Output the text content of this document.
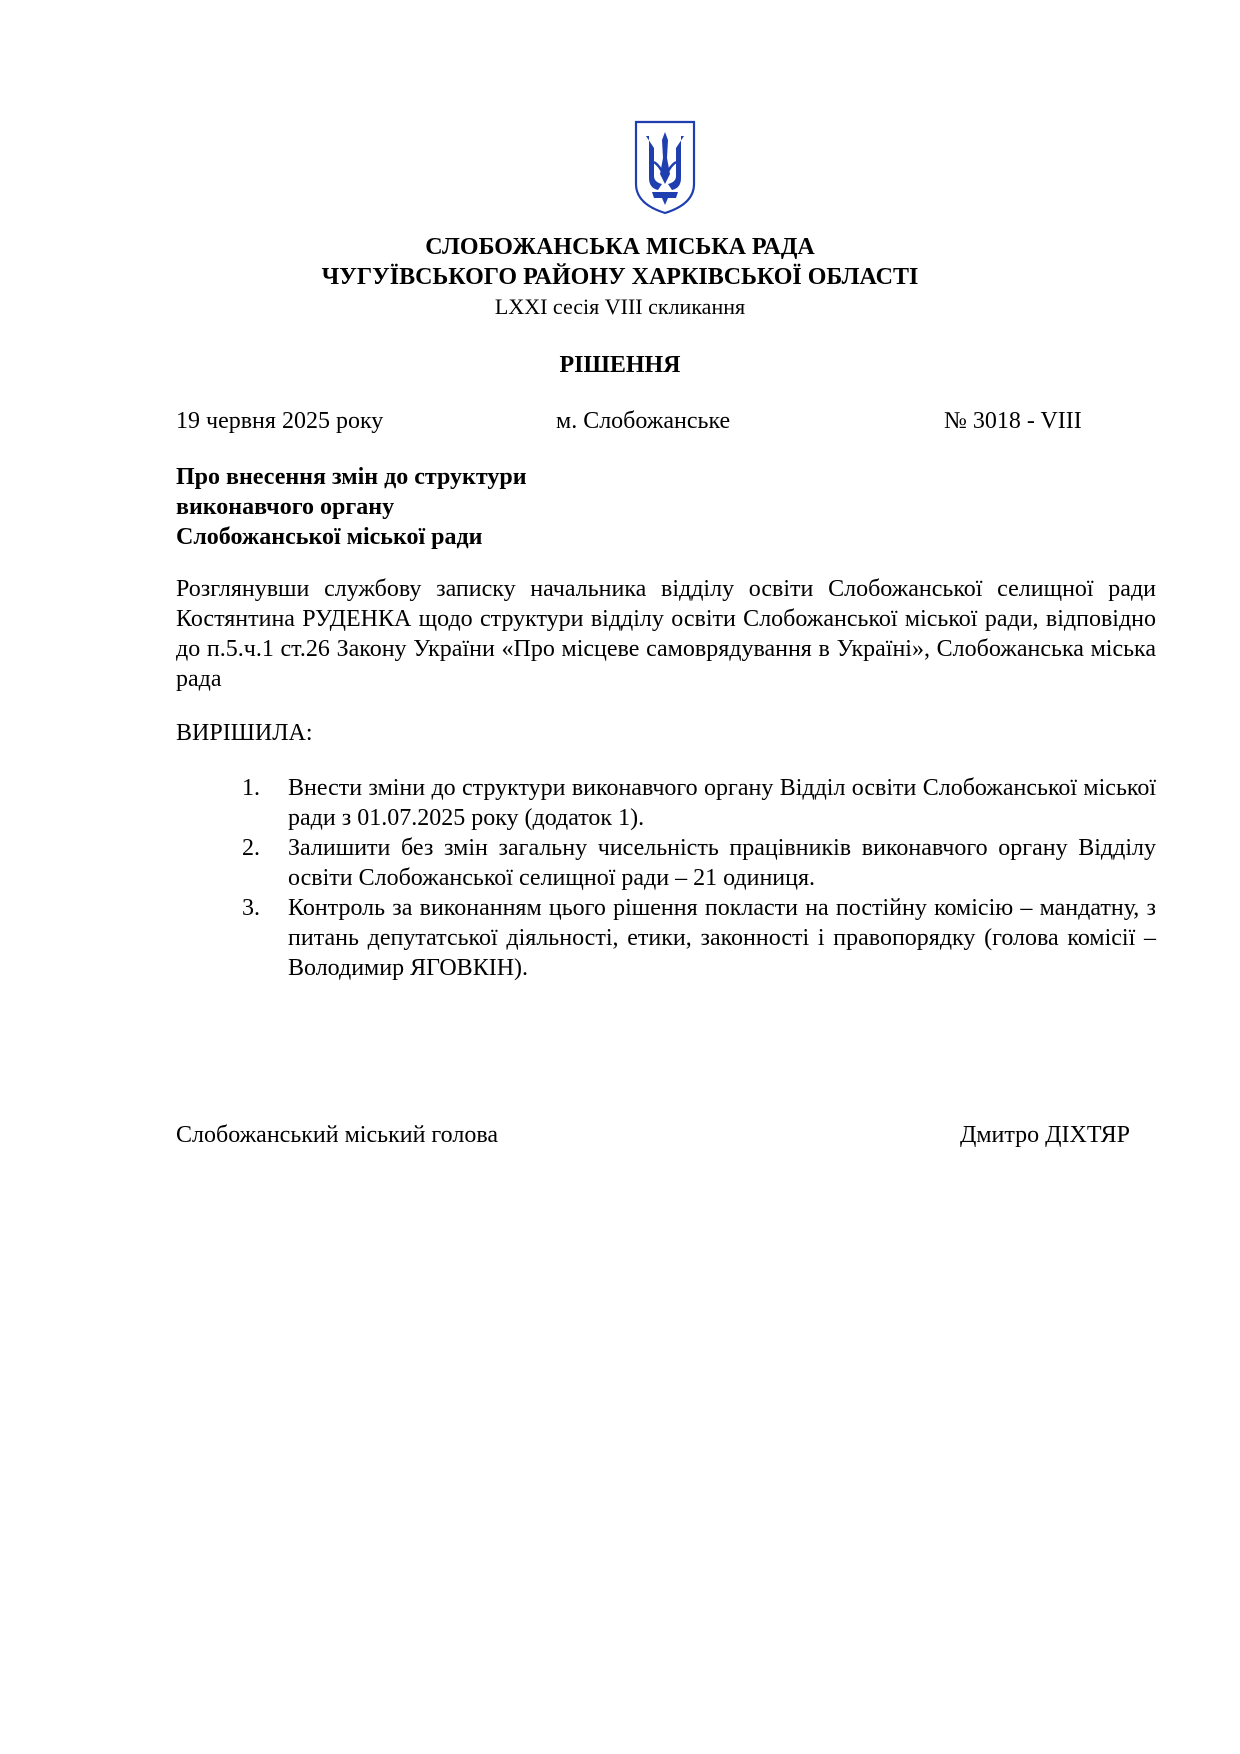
СЛОБОЖАНСЬКА МІСЬКА РАДА
ЧУГУЇВСЬКОГО РАЙОНУ ХАРКІВСЬКОЇ ОБЛАСТІ
LXXI сесія VIII скликання
РІШЕННЯ
19 червня 2025 року	м. Слобожанське	№ 3018 - VIII
Про внесення змін до структури
виконавчого органу
Слобожанської міської ради
Розглянувши службову записку начальника відділу освіти Слобожанської селищної ради Костянтина РУДЕНКА щодо структури відділу освіти Слобожанської міської ради, відповідно до п.5.ч.1 ст.26 Закону України «Про місцеве самоврядування в Україні», Слобожанська міська рада
ВИРІШИЛА:
1.	Внести зміни до структури виконавчого органу Відділ освіти Слобожанської міської ради з 01.07.2025 року (додаток 1).
2.	Залишити без змін загальну чисельність працівників виконавчого органу Відділу освіти Слобожанської селищної ради – 21 одиниця.
3.	Контроль за виконанням цього рішення покласти на постійну комісію – мандатну, з питань депутатської діяльності, етики, законності і правопорядку (голова комісії – Володимир ЯГОВКІН).
Слобожанський міський голова	Дмитро ДІХТЯР
